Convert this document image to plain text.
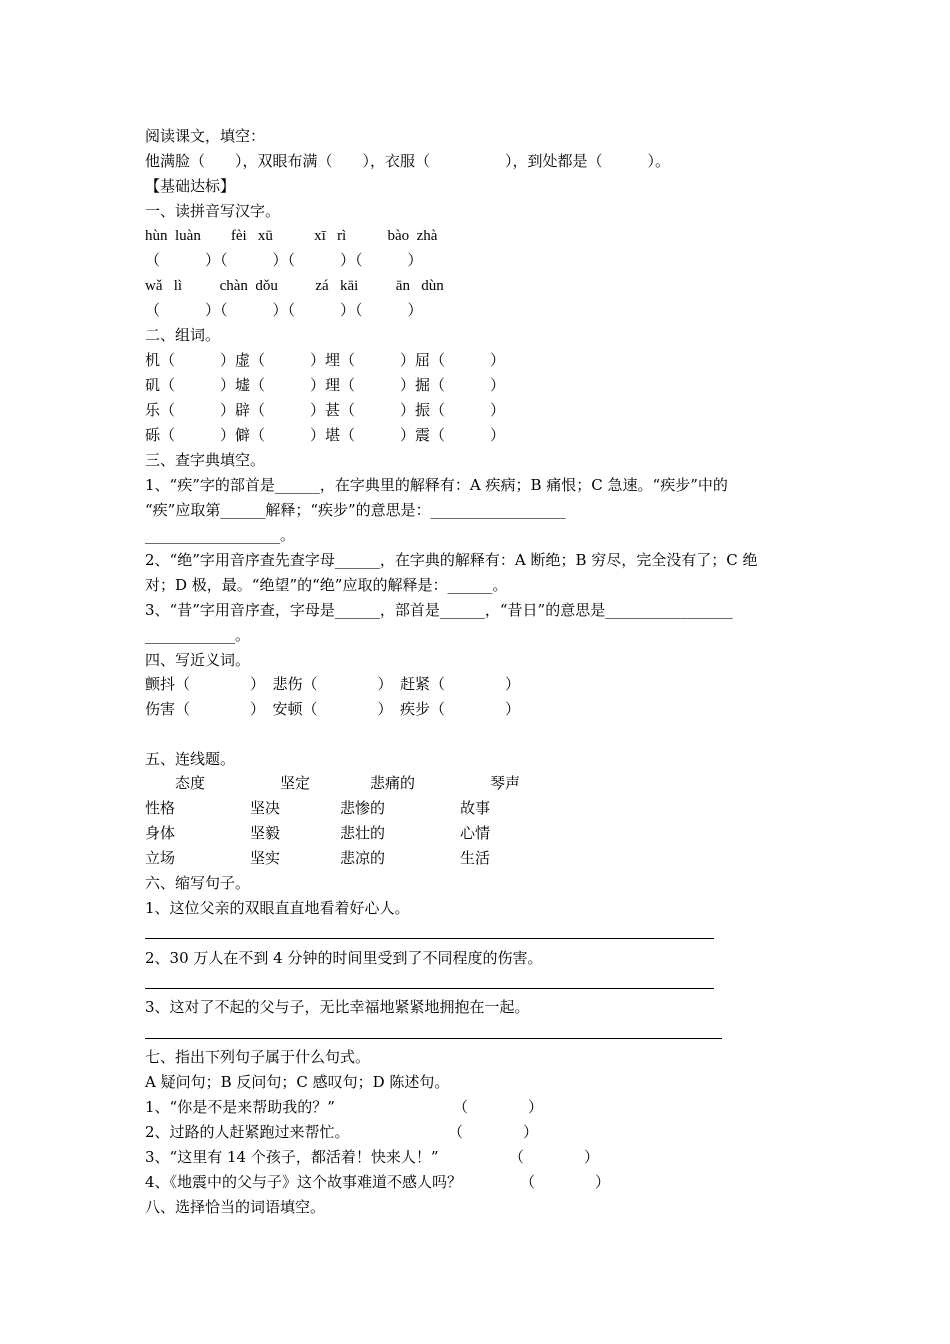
阅读课文，填空：
他满脸（　　），双眼布满（　　），衣服（　　　　　），到处都是（　　　）。
【基础达标】
一、读拼音写汉字。
hùn  luàn        fèi   xū           xī   rì           bào  zhà
（　　　）（　　　）（　　　）（　　　）
wǎ   lì          chàn  dǒu          zá   kāi          ān   dùn
（　　　）（　　　）（　　　）（　　　）
二、组词。
机（　　　）虚（　　　）埋（　　　）屈（　　　）
矶（　　　）墟（　　　）理（　　　）掘（　　　）
乐（　　　）辟（　　　）甚（　　　）振（　　　）
砾（　　　）僻（　　　）堪（　　　）震（　　　）
三、查字典填空。
1、“疾”字的部首是______，在字典里的解释有：A 疾病；B 痛恨；C 急速。“疾步”中的
“疾”应取第______解释；“疾步”的意思是：__________________
__________________。
2、“绝”字用音序查先查字母______，在字典的解释有：A 断绝；B 穷尽，完全没有了；C 绝
对；D 极，最。“绝望”的“绝”应取的解释是：______。
3、“昔”字用音序查，字母是______，部首是______，“昔日”的意思是_________________
____________。
四、写近义词。
颤抖（　　　　）　悲伤（　　　　）　赶紧（　　　　）
伤害（　　　　）　安顿（　　　　）　疾步（　　　　）
五、连线题。
　　态度　　　　　坚定　　　　悲痛的　　　　　琴声
性格　　　　　坚决　　　　悲惨的　　　　　故事
身体　　　　　坚毅　　　　悲壮的　　　　　心情
立场　　　　　坚实　　　　悲凉的　　　　　生活
六、缩写句子。
1、这位父亲的双眼直直地看着好心人。
2、30 万人在不到 4 分钟的时间里受到了不同程度的伤害。
3、这对了不起的父与子，无比幸福地紧紧地拥抱在一起。
七、指出下列句子属于什么句式。
A 疑问句；B 反问句；C 感叹句；D 陈述句。
1、“你是不是来帮助我的？”	（　　　　）
2、过路的人赶紧跑过来帮忙。	（　　　　）
3、“这里有 14 个孩子，都活着！快来人！”	（　　　　）
4、《地震中的父与子》这个故事难道不感人吗？	（　　　　）
八、选择恰当的词语填空。
